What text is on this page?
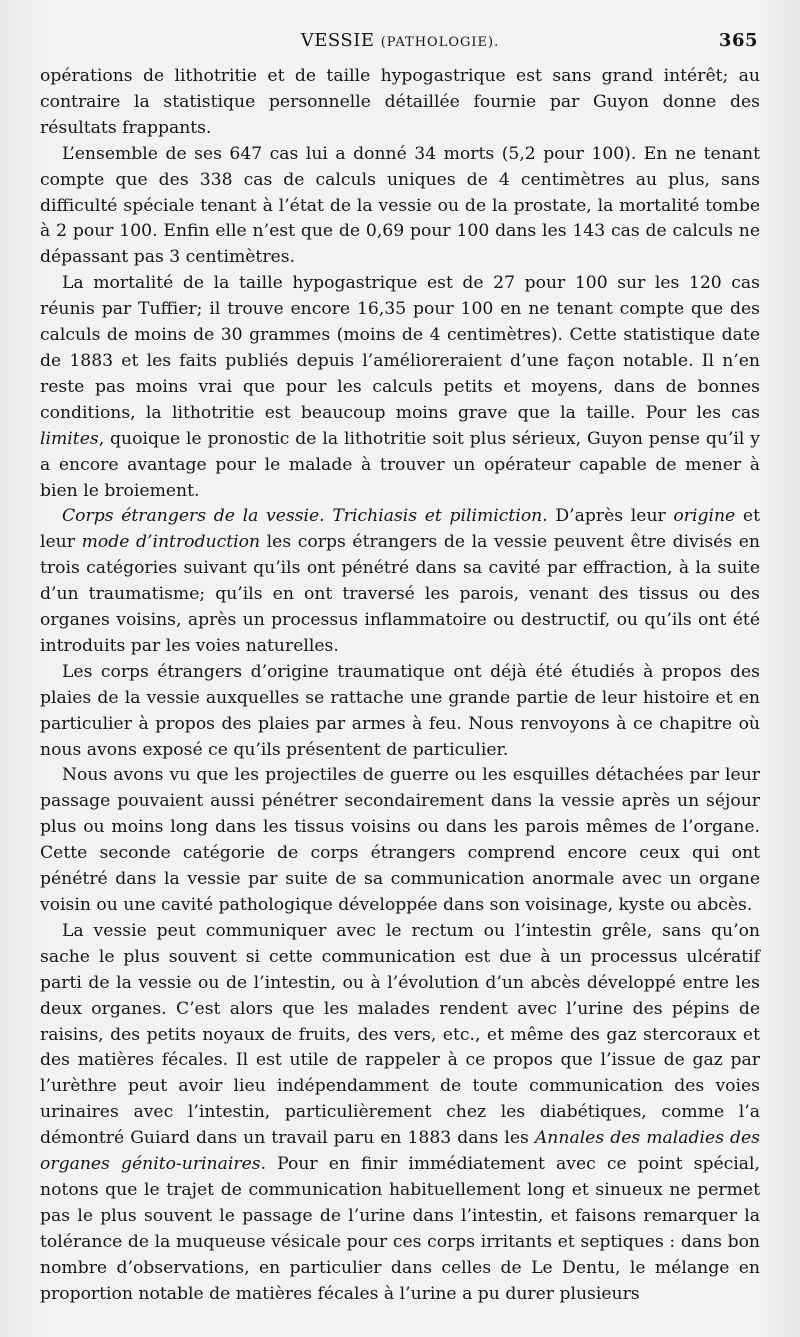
VESSIE (PATHOLOGIE).	365

opérations de lithotritie et de taille hypogastrique est sans grand intérêt; au contraire la statistique personnelle détaillée fournie par Guyon donne des résultats frappants.

L’ensemble de ses 647 cas lui a donné 34 morts (5,2 pour 100). En ne tenant compte que des 338 cas de calculs uniques de 4 centimètres au plus, sans difficulté spéciale tenant à l’état de la vessie ou de la prostate, la mortalité tombe à 2 pour 100. Enfin elle n’est que de 0,69 pour 100 dans les 143 cas de calculs ne dépassant pas 3 centimètres.

La mortalité de la taille hypogastrique est de 27 pour 100 sur les 120 cas réunis par Tuffier; il trouve encore 16,35 pour 100 en ne tenant compte que des calculs de moins de 30 grammes (moins de 4 centimètres). Cette statistique date de 1883 et les faits publiés depuis l’amélioreraient d’une façon notable. Il n’en reste pas moins vrai que pour les calculs petits et moyens, dans de bonnes conditions, la lithotritie est beaucoup moins grave que la taille. Pour les cas limites, quoique le pronostic de la lithotritie soit plus sérieux, Guyon pense qu’il y a encore avantage pour le malade à trouver un opérateur capable de mener à bien le broiement.

Corps étrangers de la vessie. Trichiasis et pilimiction. D’après leur origine et leur mode d’introduction les corps étrangers de la vessie peuvent être divisés en trois catégories suivant qu’ils ont pénétré dans sa cavité par effraction, à la suite d’un traumatisme; qu’ils en ont traversé les parois, venant des tissus ou des organes voisins, après un processus inflammatoire ou destructif, ou qu’ils ont été introduits par les voies naturelles.

Les corps étrangers d’origine traumatique ont déjà été étudiés à propos des plaies de la vessie auxquelles se rattache une grande partie de leur histoire et en particulier à propos des plaies par armes à feu. Nous renvoyons à ce chapitre où nous avons exposé ce qu’ils présentent de particulier.

Nous avons vu que les projectiles de guerre ou les esquilles détachées par leur passage pouvaient aussi pénétrer secondairement dans la vessie après un séjour plus ou moins long dans les tissus voisins ou dans les parois mêmes de l’organe. Cette seconde catégorie de corps étrangers comprend encore ceux qui ont pénétré dans la vessie par suite de sa communication anormale avec un organe voisin ou une cavité pathologique développée dans son voisinage, kyste ou abcès.

La vessie peut communiquer avec le rectum ou l’intestin grêle, sans qu’on sache le plus souvent si cette communication est due à un processus ulcératif parti de la vessie ou de l’intestin, ou à l’évolution d’un abcès développé entre les deux organes. C’est alors que les malades rendent avec l’urine des pépins de raisins, des petits noyaux de fruits, des vers, etc., et même des gaz stercoraux et des matières fécales. Il est utile de rappeler à ce propos que l’issue de gaz par l’urèthre peut avoir lieu indépendamment de toute communication des voies urinaires avec l’intestin, particulièrement chez les diabétiques, comme l’a démontré Guiard dans un travail paru en 1883 dans les Annales des maladies des organes génito-urinaires. Pour en finir immédiatement avec ce point spécial, notons que le trajet de communication habituellement long et sinueux ne permet pas le plus souvent le passage de l’urine dans l’intestin, et faisons remarquer la tolérance de la muqueuse vésicale pour ces corps irritants et septiques : dans bon nombre d’observations, en particulier dans celles de Le Dentu, le mélange en proportion notable de matières fécales à l’urine a pu durer plusieurs
